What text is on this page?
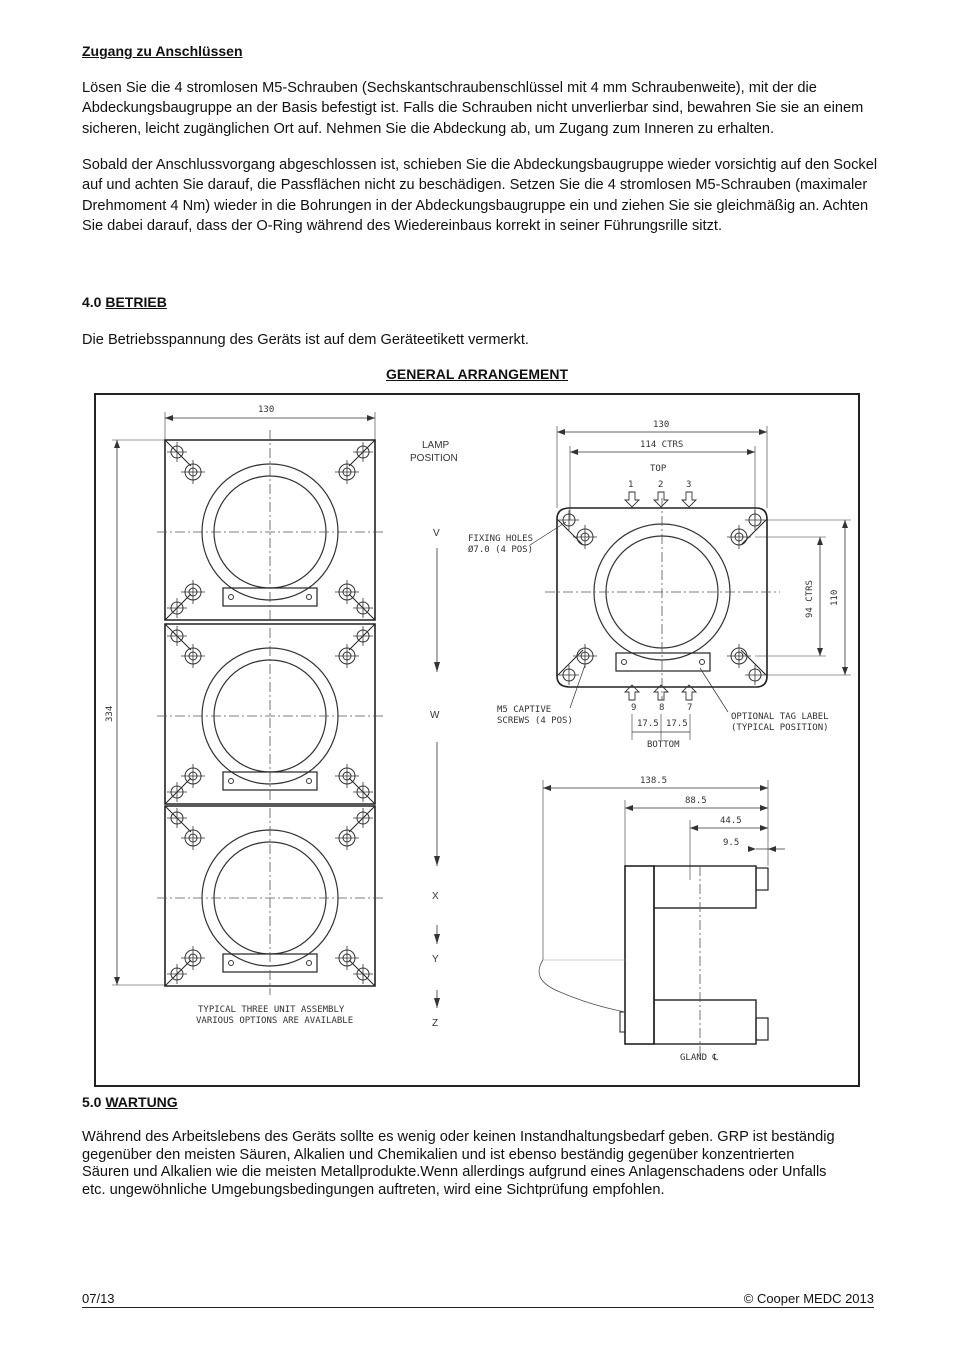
Zugang zu Anschlüssen

Lösen Sie die 4 stromlosen M5-Schrauben (Sechskantschraubenschlüssel mit 4 mm Schraubenweite), mit der die Abdeckungsbaugruppe an der Basis befestigt ist. Falls die Schrauben nicht unverlierbar sind, bewahren Sie sie an einem sicheren, leicht zugänglichen Ort auf. Nehmen Sie die Abdeckung ab, um Zugang zum Inneren zu erhalten.

Sobald der Anschlussvorgang abgeschlossen ist, schieben Sie die Abdeckungsbaugruppe wieder vorsichtig auf den Sockel auf und achten Sie darauf, die Passflächen nicht zu beschädigen. Setzen Sie die 4 stromlosen M5-Schrauben (maximaler Drehmoment 4 Nm) wieder in die Bohrungen in der Abdeckungsbaugruppe ein und ziehen Sie sie gleichmäßig an. Achten Sie dabei darauf, dass der O-Ring während des Wiedereinbaus korrekt in seiner Führungsrille sitzt.

4.0 BETRIEB

Die Betriebsspannung des Geräts ist auf dem Geräteetikett vermerkt.

GENERAL ARRANGEMENT
130
334
TYPICAL THREE UNIT ASSEMBLY
VARIOUS OPTIONS ARE AVAILABLE
LAMP
POSITION
V
W
X
Y
Z
130
114 CTRS
TOP
1	2	3
FIXING HOLES
Ø7.0 (4 POS)
94 CTRS 110
9	8	7
M5 CAPTIVE
SCREWS (4 POS)	OPTIONAL TAG LABEL
(TYPICAL POSITION)
17.5 17.5
BOTTOM
138.5
88.5
44.5
9.5
GLAND ℄
5.0 WARTUNG

Während des Arbeitslebens des Geräts sollte es wenig oder keinen Instandhaltungsbedarf geben. GRP ist beständig gegenüber den meisten Säuren, Alkalien und Chemikalien und ist ebenso beständig gegenüber konzentrierten Säuren und Alkalien wie die meisten Metallprodukte.Wenn allerdings aufgrund eines Anlagenschadens oder Unfalls etc. ungewöhnliche Umgebungsbedingungen auftreten, wird eine Sichtprüfung empfohlen.

07/13	© Cooper MEDC 2013
